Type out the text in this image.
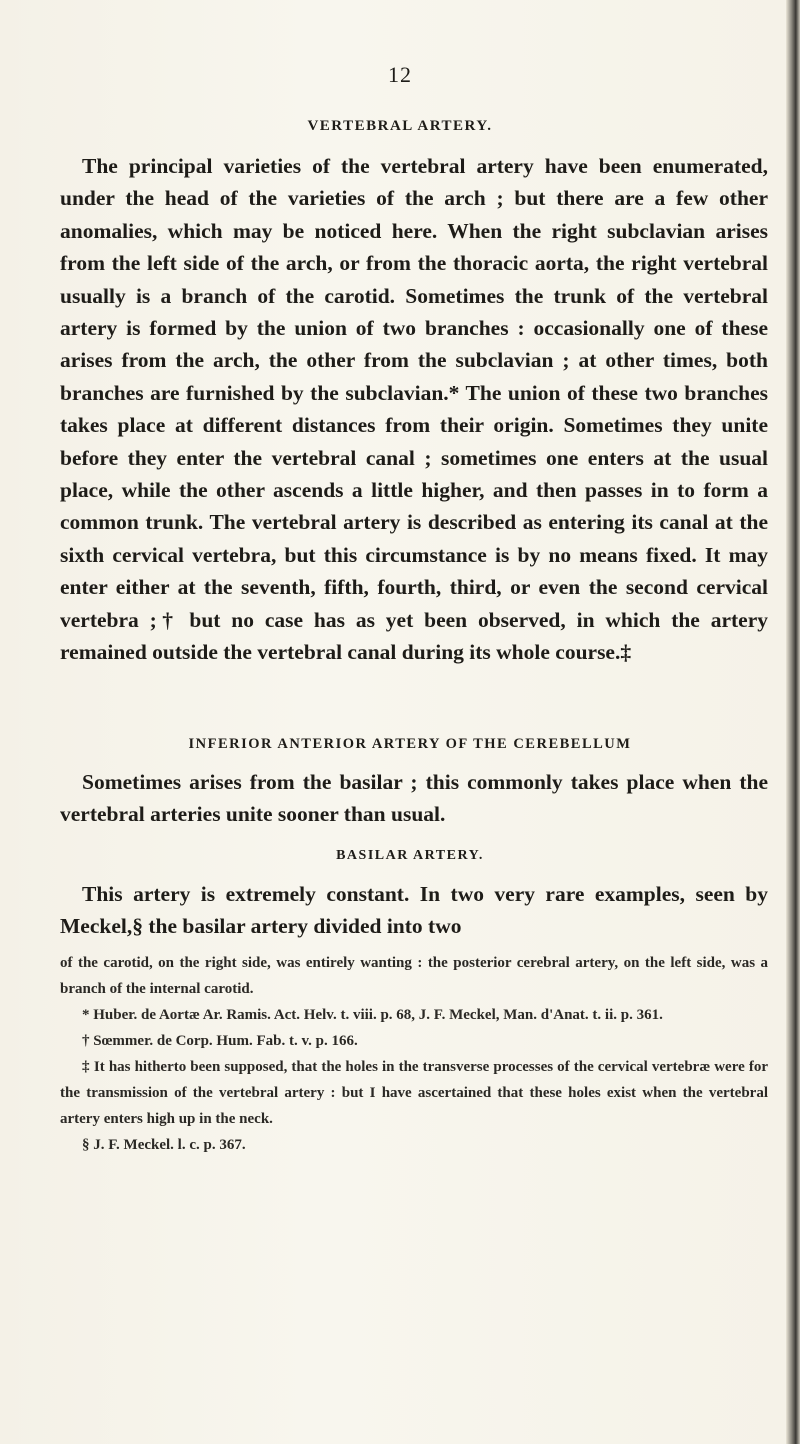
12
VERTEBRAL ARTERY.

The principal varieties of the vertebral artery have been enumerated, under the head of the varieties of the arch ; but there are a few other anomalies, which may be noticed here. When the right subclavian arises from the left side of the arch, or from the thoracic aorta, the right vertebral usually is a branch of the carotid. Sometimes the trunk of the vertebral artery is formed by the union of two branches : occasionally one of these arises from the arch, the other from the subclavian ; at other times, both branches are furnished by the subclavian.* The union of these two branches takes place at different distances from their origin. Sometimes they unite before they enter the vertebral canal ; sometimes one enters at the usual place, while the other ascends a little higher, and then passes in to form a common trunk. The vertebral artery is described as entering its canal at the sixth cervical vertebra, but this circumstance is by no means fixed. It may enter either at the seventh, fifth, fourth, third, or even the second cervical vertebra ;† but no case has as yet been observed, in which the artery remained outside the vertebral canal during its whole course.‡

INFERIOR ANTERIOR ARTERY OF THE CEREBELLUM

Sometimes arises from the basilar ; this commonly takes place when the vertebral arteries unite sooner than usual.

BASILAR ARTERY.

This artery is extremely constant. In two very rare examples, seen by Meckel,§ the basilar artery divided into two

of the carotid, on the right side, was entirely wanting : the posterior cerebral artery, on the left side, was a branch of the internal carotid.

* Huber. de Aortæ Ar. Ramis. Act. Helv. t. viii. p. 68, J. F. Meckel, Man. d'Anat. t. ii. p. 361.

† Sœmmer. de Corp. Hum. Fab. t. v. p. 166.

‡ It has hitherto been supposed, that the holes in the transverse processes of the cervical vertebræ were for the transmission of the vertebral artery : but I have ascertained that these holes exist when the vertebral artery enters high up in the neck.

§ J. F. Meckel. l. c. p. 367.
